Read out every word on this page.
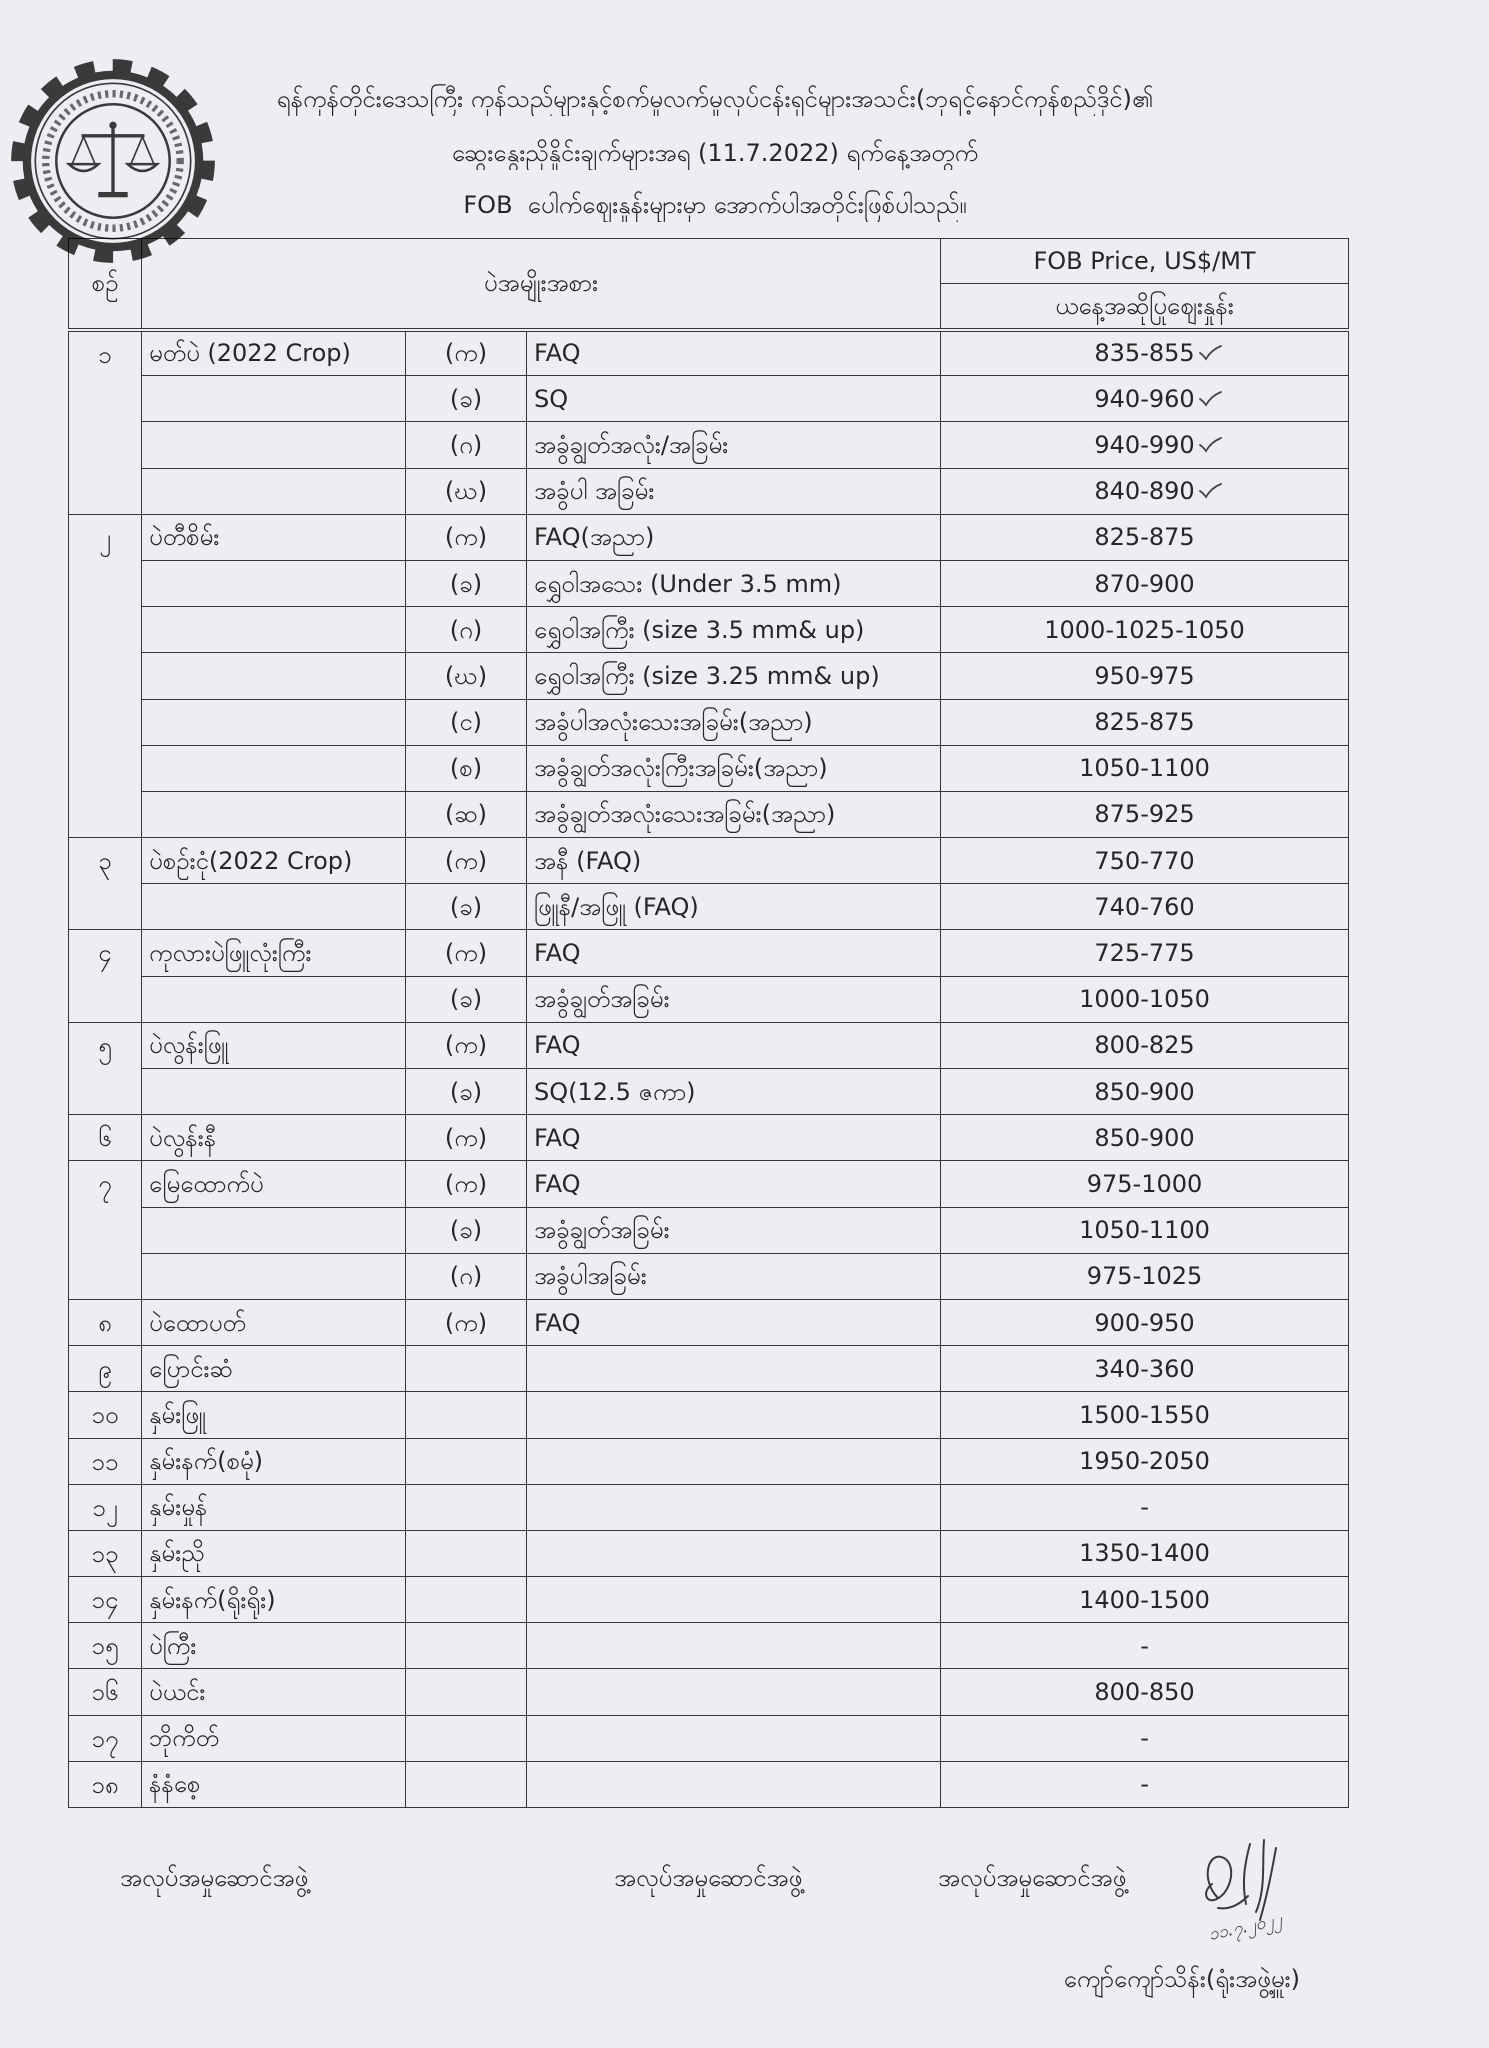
ရန်ကုန်တိုင်းဒေသကြီး ကုန်သည်များနှင့်စက်မှုလက်မှုလုပ်ငန်းရှင်များအသင်း(ဘုရင့်နောင်ကုန်စည်ဒိုင်)၏
ဆွေးနွေးညှိနှိုင်းချက်များအရ (11.7.2022) ရက်နေ့အတွက်
FOB  ပေါက်ဈေးနှုန်းများမှာ အောက်ပါအတိုင်းဖြစ်ပါသည်။
စဉ်	ပဲအမျိုးအစား			FOB Price, US$/MT
				ယနေ့အဆိုပြုဈေးနှုန်း
၁	မတ်ပဲ (2022 Crop)	(က)	FAQ	835-855

		(ခ)	SQ	940-960

		(ဂ)	အခွံချွတ်အလုံး/အခြမ်း	940-990

		(ဃ)	အခွံပါ အခြမ်း	840-890

၂	ပဲတီစိမ်း	(က)	FAQ(အညာ)	825-875
		(ခ)	ရွှေဝါအသေး (Under 3.5 mm)	870-900
		(ဂ)	ရွှေဝါအကြီး (size 3.5 mm& up)	1000-1025-1050
		(ဃ)	ရွှေဝါအကြီး (size 3.25 mm& up)	950-975
		(င)	အခွံပါအလုံးသေးအခြမ်း(အညာ)	825-875
		(စ)	အခွံချွတ်အလုံးကြီးအခြမ်း(အညာ)	1050-1100
		(ဆ)	အခွံချွတ်အလုံးသေးအခြမ်း(အညာ)	875-925
၃	ပဲစဉ်းငုံ(2022 Crop)	(က)	အနီ (FAQ)	750-770
		(ခ)	ဖြူနီ/အဖြူ (FAQ)	740-760
၄	ကုလားပဲဖြူလုံးကြီး	(က)	FAQ	725-775
		(ခ)	အခွံချွတ်အခြမ်း	1000-1050
၅	ပဲလွန်းဖြူ	(က)	FAQ	800-825
		(ခ)	SQ(12.5 ဇကာ)	850-900
၆	ပဲလွန်းနီ	(က)	FAQ	850-900
၇	မြေထောက်ပဲ	(က)	FAQ	975-1000
		(ခ)	အခွံချွတ်အခြမ်း	1050-1100
		(ဂ)	အခွံပါအခြမ်း	975-1025
၈	ပဲထောပတ်	(က)	FAQ	900-950
၉	ပြောင်းဆံ			340-360
၁၀	နှမ်းဖြူ			1500-1550
၁၁	နှမ်းနက်(စမုံ)			1950-2050
၁၂	နှမ်းမှုန်			-
၁၃	နှမ်းညို			1350-1400
၁၄	နှမ်းနက်(ရိုးရိုး)			1400-1500
၁၅	ပဲကြီး			-
၁၆	ပဲယင်း			800-850
၁၇	ဘိုကိတ်			-
၁၈	နံနံစေ့			-
အလုပ်အမှုဆောင်အဖွဲ့	အလုပ်အမှုဆောင်အဖွဲ့	အလုပ်အမှုဆောင်အဖွဲ့
၁၁.၇.၂၀၂၂
ကျော်ကျော်သိန်း(ရုံးအဖွဲ့မှူး)
